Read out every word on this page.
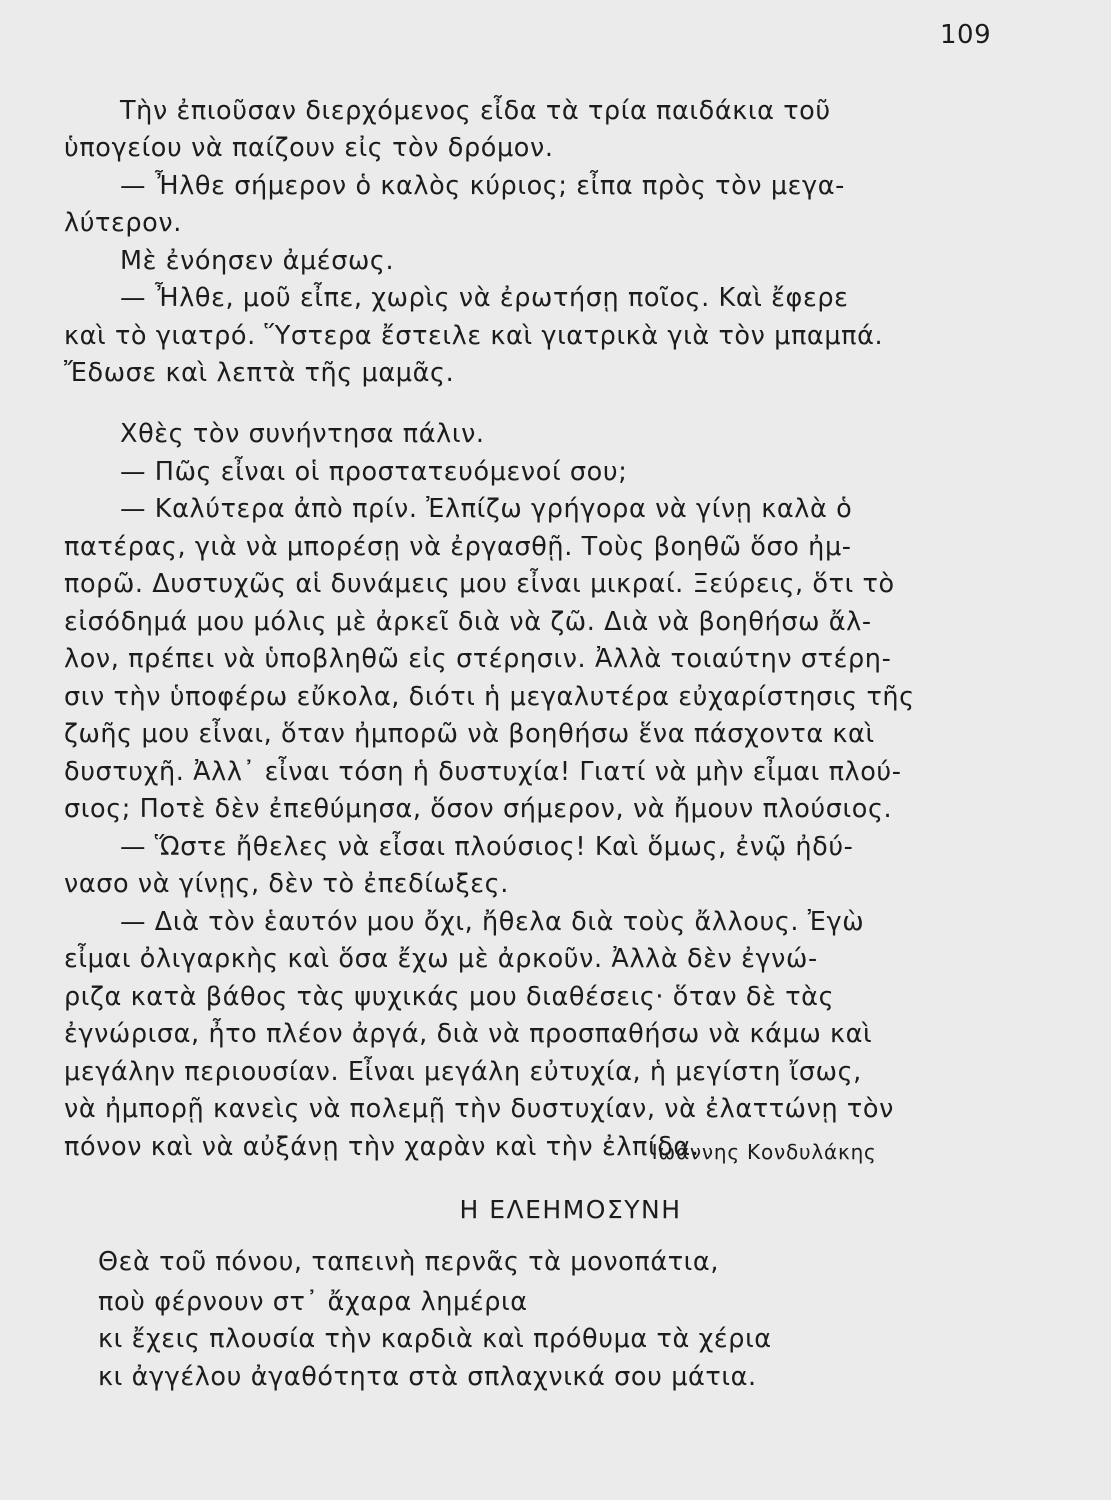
109
Τὴν ἐπιοῦσαν διερχόμενος εἶδα τὰ τρία παιδάκια τοῦ
ὑπογείου νὰ παίζουν εἰς τὸν δρόμον.
— Ἦλθε σήμερον ὁ καλὸς κύριος; εἶπα πρὸς τὸν μεγα-
λύτερον.
Μὲ ἐνόησεν ἀμέσως.
— Ἦλθε, μοῦ εἶπε, χωρὶς νὰ ἐρωτήσῃ ποῖος. Καὶ ἔφερε
καὶ τὸ γιατρό. Ὕστερα ἔστειλε καὶ γιατρικὰ γιὰ τὸν μπαμπά.
Ἔδωσε καὶ λεπτὰ τῆς μαμᾶς.
Χθὲς τὸν συνήντησα πάλιν.
— Πῶς εἶναι οἱ προστατευόμενοί σου;
— Καλύτερα ἀπὸ πρίν. Ἐλπίζω γρήγορα νὰ γίνῃ καλὰ ὁ
πατέρας, γιὰ νὰ μπορέσῃ νὰ ἐργασθῇ. Τοὺς βοηθῶ ὅσο ἠμ-
πορῶ. Δυστυχῶς αἱ δυνάμεις μου εἶναι μικραί. Ξεύρεις, ὅτι τὸ
εἰσόδημά μου μόλις μὲ ἀρκεῖ διὰ νὰ ζῶ. Διὰ νὰ βοηθήσω ἄλ-
λον, πρέπει νὰ ὑποβληθῶ εἰς στέρησιν. Ἀλλὰ τοιαύτην στέρη-
σιν τὴν ὑποφέρω εὔκολα, διότι ἡ μεγαλυτέρα εὐχαρίστησις τῆς
ζωῆς μου εἶναι, ὅταν ἠμπορῶ νὰ βοηθήσω ἕνα πάσχοντα καὶ
δυστυχῆ. Ἀλλ᾿ εἶναι τόση ἡ δυστυχία! Γιατί νὰ μὴν εἶμαι πλού-
σιος; Ποτὲ δὲν ἐπεθύμησα, ὅσον σήμερον, νὰ ἤμουν πλούσιος.
— Ὥστε ἤθελες νὰ εἶσαι πλούσιος! Καὶ ὅμως, ἐνῷ ἠδύ-
νασο νὰ γίνῃς, δὲν τὸ ἐπεδίωξες.
— Διὰ τὸν ἑαυτόν μου ὄχι, ἤθελα διὰ τοὺς ἄλλους. Ἐγὼ
εἶμαι ὀλιγαρκὴς καὶ ὅσα ἔχω μὲ ἀρκοῦν. Ἀλλὰ δὲν ἐγνώ-
ριζα κατὰ βάθος τὰς ψυχικάς μου διαθέσεις· ὅταν δὲ τὰς
ἐγνώρισα, ἦτο πλέον ἀργά, διὰ νὰ προσπαθήσω νὰ κάμω καὶ
μεγάλην περιουσίαν. Εἶναι μεγάλη εὐτυχία, ἡ μεγίστη ἴσως,
νὰ ἠμπορῇ κανεὶς νὰ πολεμῇ τὴν δυστυχίαν, νὰ ἐλαττώνῃ τὸν
πόνον καὶ νὰ αὐξάνῃ τὴν χαρὰν καὶ τὴν ἐλπίδα.
Ἰωάννης Κονδυλάκης
Η ΕΛΕΗΜΟΣΥΝΗ
Θεὰ τοῦ πόνου, ταπεινὴ περνᾶς τὰ μονοπάτια,
ποὺ φέρνουν στ᾿ ἄχαρα λημέρια
κι ἔχεις πλουσία τὴν καρδιὰ καὶ πρόθυμα τὰ χέρια
κι ἀγγέλου ἀγαθότητα στὰ σπλαχνικά σου μάτια.
